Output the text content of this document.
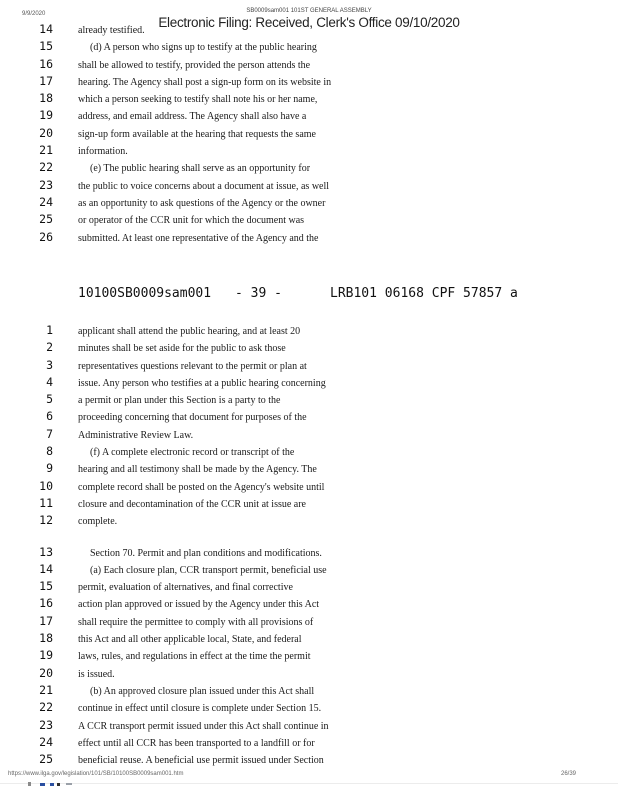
9/9/2020	SB0009sam001 101ST GENERAL ASSEMBLY
Electronic Filing: Received, Clerk's Office 09/10/2020
14	already testified.
15	(d) A person who signs up to testify at the public hearing
16	shall be allowed to testify, provided the person attends the
17	hearing. The Agency shall post a sign-up form on its website in
18	which a person seeking to testify shall note his or her name,
19	address, and email address. The Agency shall also have a
20	sign-up form available at the hearing that requests the same
21	information.
22	(e) The public hearing shall serve as an opportunity for
23	the public to voice concerns about a document at issue, as well
24	as an opportunity to ask questions of the Agency or the owner
25	or operator of the CCR unit for which the document was
26	submitted. At least one representative of the Agency and the
10100SB0009sam001 - 39 -	LRB101 06168 CPF 57857 a
1	applicant shall attend the public hearing, and at least 20
2	minutes shall be set aside for the public to ask those
3	representatives questions relevant to the permit or plan at
4	issue. Any person who testifies at a public hearing concerning
5	a permit or plan under this Section is a party to the
6	proceeding concerning that document for purposes of the
7	Administrative Review Law.
8	(f) A complete electronic record or transcript of the
9	hearing and all testimony shall be made by the Agency. The
10	complete record shall be posted on the Agency's website until
11	closure and decontamination of the CCR unit at issue are
12	complete.
13	Section 70. Permit and plan conditions and modifications.
14	(a) Each closure plan, CCR transport permit, beneficial use
15	permit, evaluation of alternatives, and final corrective
16	action plan approved or issued by the Agency under this Act
17	shall require the permittee to comply with all provisions of
18	this Act and all other applicable local, State, and federal
19	laws, rules, and regulations in effect at the time the permit
20	is issued.
21	(b) An approved closure plan issued under this Act shall
22	continue in effect until closure is complete under Section 15.
23	A CCR transport permit issued under this Act shall continue in
24	effect until all CCR has been transported to a landfill or for
25	beneficial reuse. A beneficial use permit issued under Section
https://www.ilga.gov/legislation/101/SB/10100SB0009sam001.htm	26/39
